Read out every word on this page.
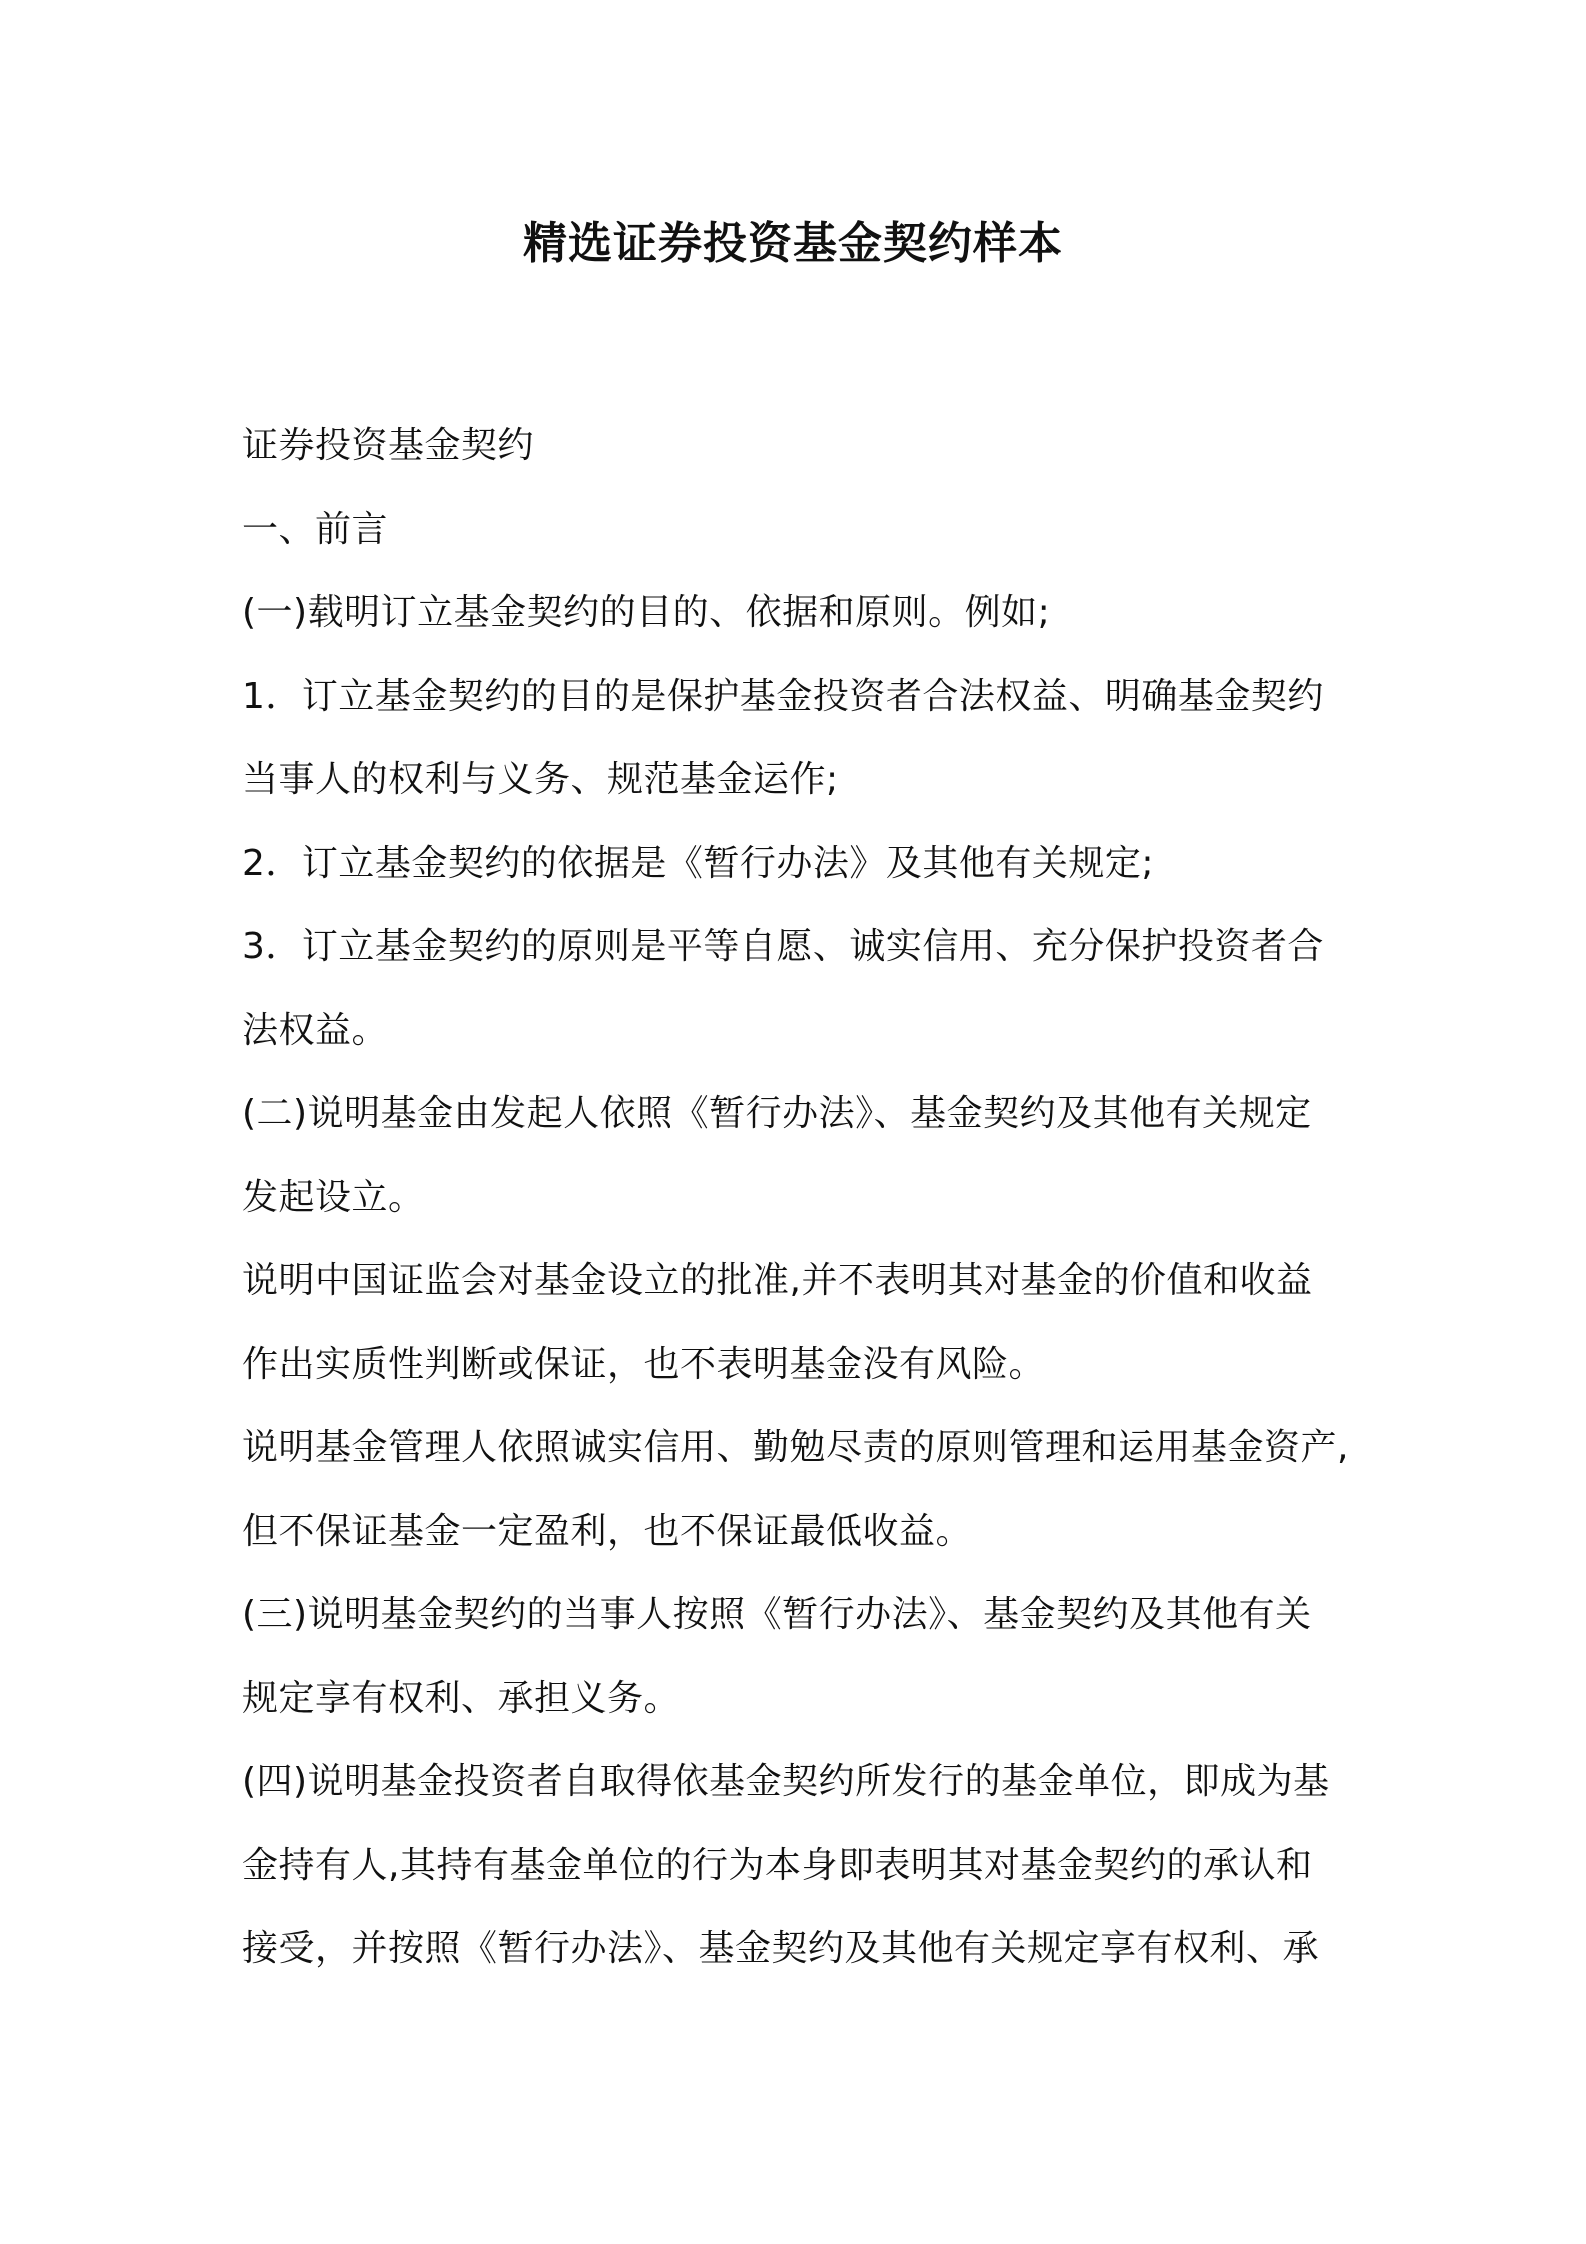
精选证券投资基金契约样本
证券投资基金契约
一、前言
(一)载明订立基金契约的目的、依据和原则。例如;
1．订立基金契约的目的是保护基金投资者合法权益、明确基金契约
当事人的权利与义务、规范基金运作;
2．订立基金契约的依据是《暂行办法》及其他有关规定;
3．订立基金契约的原则是平等自愿、诚实信用、充分保护投资者合
法权益。
(二)说明基金由发起人依照《暂行办法》、基金契约及其他有关规定
发起设立。
说明中国证监会对基金设立的批准,并不表明其对基金的价值和收益
作出实质性判断或保证，也不表明基金没有风险。
说明基金管理人依照诚实信用、勤勉尽责的原则管理和运用基金资产,
但不保证基金一定盈利，也不保证最低收益。
(三)说明基金契约的当事人按照《暂行办法》、基金契约及其他有关
规定享有权利、承担义务。
(四)说明基金投资者自取得依基金契约所发行的基金单位，即成为基
金持有人,其持有基金单位的行为本身即表明其对基金契约的承认和
接受，并按照《暂行办法》、基金契约及其他有关规定享有权利、承
